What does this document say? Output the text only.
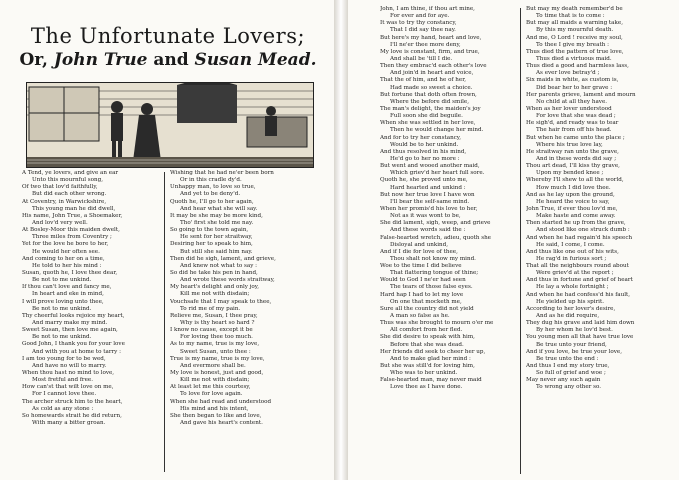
The Unfortunate Lovers;
Or, John True and Susan Mead.
A Tend, ye lovers, and give an ear
Unto this mournful song,
Of two that lov'd faithfully,
But did each other wrong.
At Coventry, in Warwickshire,
This young man he did dwell,
His name, John True, a Shoemaker,
And lov'd very well.
At Bosley-Moor this maiden dwelt,
Three miles from Coventry ;
Yet for the love he bore to her,
He would her often see.
And coming to her on a time,
He told to her his mind :
Susan, quoth he, I love thee dear,
Be not to me unkind.
If thou can't love and fancy me,
In heart and eke in mind,
I will prove loving unto thee,
Be not to me unkind.
Thy cheerful looks rejoice my heart,
And marry make my mind.
Sweet Susan, then love me again,
Be not to me unkind.
Good John, I thank you for your love
And with you at home to tarry :
I am too young for to be wed,
And have no will to marry.
When thou hast no mind to love,
Most fretful and free.
How can'st that wilt love on me,
For I cannot love thee.
The archer struck him to the heart,
As cold as any stone :
So homewards strait he did return,
With many a bitter groan.
Wishing that he had ne'er been born
Or in this cradle dy'd.
Unhappy man, to love so true,
And yet to be deny'd.
Quoth he, I'll go to her again,
And hear what she will say.
It may be she may be more kind,
Tho' first she told me nay.
So going to the town again,
He sent for her straitway,
Desiring her to speak to him,
But still she said him nay.
Then did he sigh, lament, and grieve,
And knew not what to say :
So did he take his pen in hand,
And wrote these words straitway,
My heart's delight and only joy,
Kill me not with disdain;
Vouchsafe that I may speak to thee,
To rid me of my pain.
Relieve me, Susan, I thee pray,
Why is thy heart so hard ?
I know no cause, except it be
For loving thee too much.
As to my name, true is my love,
Sweet Susan, unto thee :
True is my name, true is my love,
And evermore shall be.
My love is honest, just and good,
Kill me not with disdain;
At least let me this courtesy,
To love for love again.
When she had read and understood
His mind and his intent,
She then began to like and love,
And gave his heart's content.
John, I am thine, if thou art mine,
For ever and for aye.
It was to try thy constancy,
That I did say thee nay.
But here's my hand, heart and love,
I'll ne'er thee more deny,
My love is constant, firm, and true,
And shall be 'till I die.
Then they embrac'd each other's love
And join'd in heart and voice,
That the of him, and he of her,
Had made so sweet a choice.
But fortune that doth often frown,
Where the before did smile,
The man's delight, the maiden's joy
Full soon she did beguile.
When she was settled in her love,
Then he would change her mind.
And for to try her constancy,
Would be to her unkind.
And thus resolved in his mind,
He'd go to her no more :
But went and wooed another maid,
Which griev'd her heart full sore.
Quoth he, she proved unto me,
Hard hearted and unkind :
But now her true love I have won
I'll bear the self-same mind.
When her promis'd his love to her,
Not as it was wont to be,
She did lament, sigh, weep, and grieve
And these words said the :
False-hearted wretch, adieu, quoth she
Disloyal and unkind,
And if I die for love of thee,
Thou shalt not know my mind.
Woe to the time I did believe
That flattering tongue of thine;
Would to God I ne'er had seen
The tears of those false eyes.
Hard hap I had to let my love
On one that mocketh me,
Sure all the country did not yield
A man so false as he.
Thus was she brought to mourn o'er me
All comfort from her fled.
She did desire to speak with him,
Before that she was dead.
Her friends did seek to cheer her up,
And to make glad her mind :
But she was still'd for loving him,
Who was to her unkind.
False-hearted man, may never maid
Love thee as I have done.
But may my death remember'd be
To time that is to come :
But may all maids a warning take,
By this my mournful death.
And me, O Lord ! receive my soul,
To thee I give my breath :
Thus died the pattern of true love,
Thus died a virtuous maid.
Thus died a good and harmless lass,
As ever love betray'd ;
Six maids in white, as custom is,
Did bear her to her grave :
Her parents grieve, lament and mourn
No child at all they have.
When as her lover understood
For love that she was dead ;
He sigh'd, and ready was to tear
The hair from off his head.
But when he came unto the place ;
Where his true love lay,
He straitway ran unto the grave,
And in these words did say ;
Thou art dead, I'll kiss thy grave,
Upon my bended knee ;
Whereby I'll shew to all the world,
How much I did love thee.
And as he lay upon the ground,
He heard the voice to say,
John True, if ever thou lov'd me,
Make haste and come away.
Then started he up from the grave,
And stood like one struck dumb :
And when he had regain'd his speech
He said, I come, I come.
And thus like one out of his wits,
He rag'd in furious sort ;
That all the neighbours round about
Were griev'd at the report ;
And thus in fortune and grief of heart
He lay a whole fortnight ;
And when he had confess'd his fault,
He yielded up his spirit.
According to her lover's desire,
And as he did require,
They dug his grave and laid him down
By her whom he lov'd best.
You young men all that have true love
Be true unto your friend,
And if you love, be true your love,
Be true unto the end :
And thus I end my story true,
So full of grief and woe ;
May never any such again
To wrong any other so.
